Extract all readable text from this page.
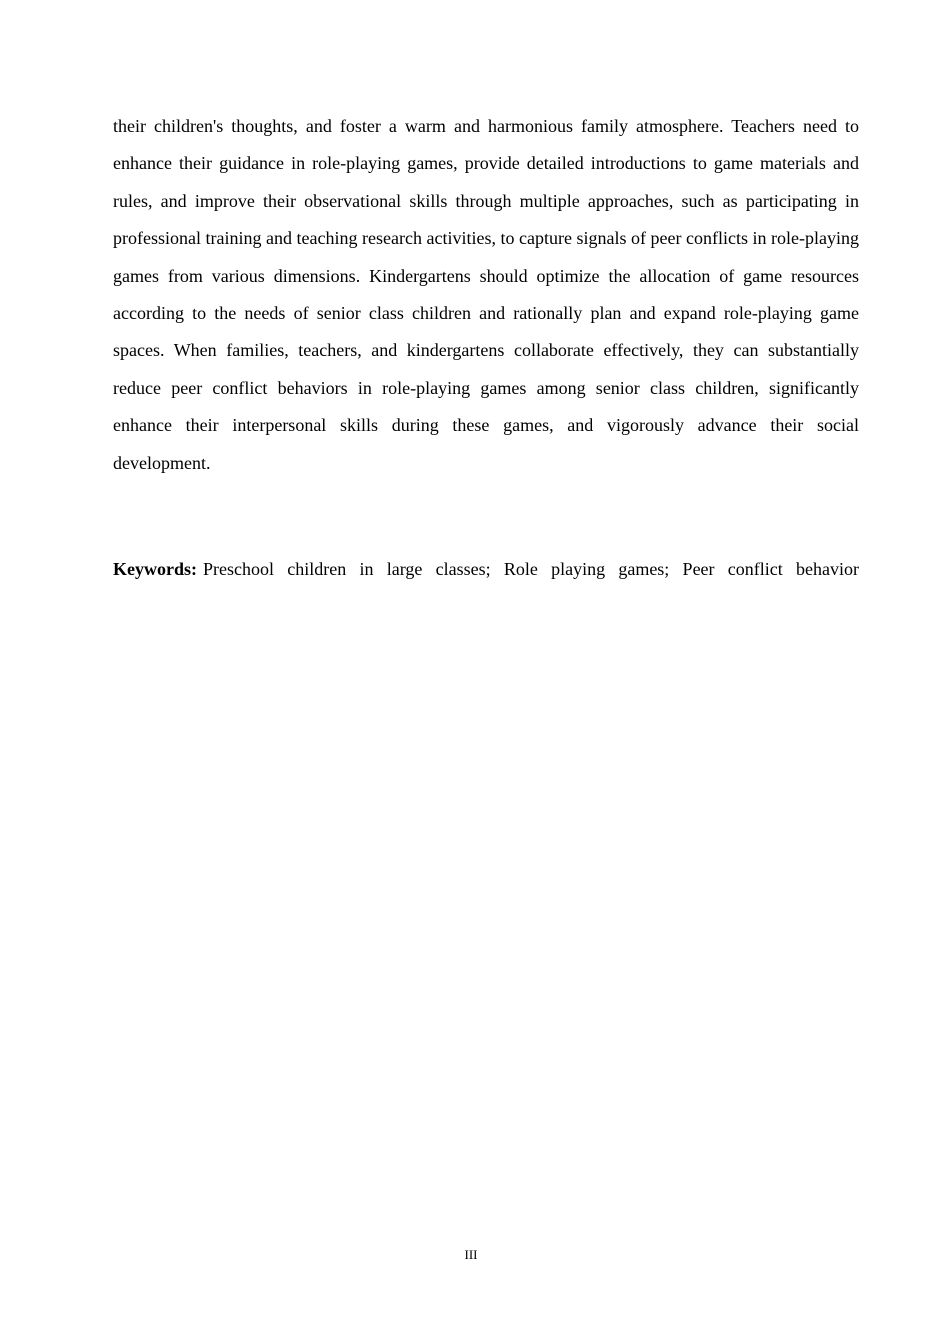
their children's thoughts, and foster a warm and harmonious family atmosphere. Teachers need to enhance their guidance in role-playing games, provide detailed introductions to game materials and rules, and improve their observational skills through multiple approaches, such as participating in professional training and teaching research activities, to capture signals of peer conflicts in role-playing games from various dimensions. Kindergartens should optimize the allocation of game resources according to the needs of senior class children and rationally plan and expand role-playing game spaces. When families, teachers, and kindergartens collaborate effectively, they can substantially reduce peer conflict behaviors in role-playing games among senior class children, significantly enhance their interpersonal skills during these games, and vigorously advance their social development.

Keywords: Preschool children in large classes; Role playing games; Peer conflict behavior
III
